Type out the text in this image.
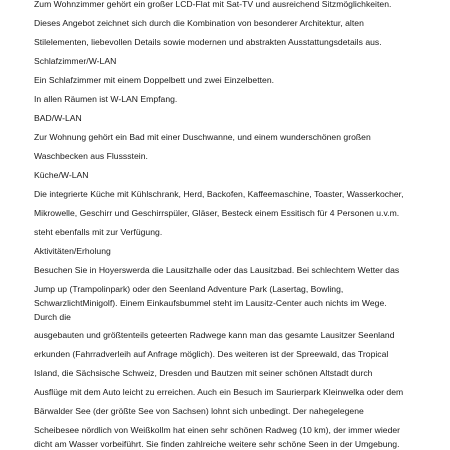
Zum Wohnzimmer gehört ein großer LCD-Flat mit Sat-TV und ausreichend Sitzmöglichkeiten.
Dieses Angebot zeichnet sich durch die Kombination von besonderer Architektur, alten
Stilelementen, liebevollen Details sowie modernen und abstrakten Ausstattungsdetails aus.
Schlafzimmer/W-LAN
Ein Schlafzimmer mit einem Doppelbett und zwei Einzelbetten.
In allen Räumen ist W-LAN Empfang.
BAD/W-LAN
Zur Wohnung gehört ein Bad mit einer Duschwanne, und einem wunderschönen großen
Waschbecken aus Flussstein.
Küche/W-LAN
Die integrierte Küche mit Kühlschrank, Herd, Backofen, Kaffeemaschine, Toaster, Wasserkocher,
Mikrowelle, Geschirr und Geschirrspüler, Gläser, Besteck einem Essitisch für 4 Personen u.v.m.
steht ebenfalls mit zur Verfügung.
Aktivitäten/Erholung
Besuchen Sie in Hoyerswerda die Lausitzhalle oder das Lausitzbad. Bei schlechtem Wetter das
Jump up (Trampolinpark) oder den Seenland Adventure Park (Lasertag, Bowling,
SchwarzlichtMinigolf). Einem Einkaufsbummel steht im Lausitz-Center auch nichts im Wege.
Durch die
ausgebauten und größtenteils geteerten Radwege kann man das gesamte Lausitzer Seenland
erkunden (Fahrradverleih auf Anfrage möglich). Des weiteren ist der Spreewald, das Tropical
Island, die Sächsische Schweiz, Dresden und Bautzen mit seiner schönen Altstadt durch
Ausflüge mit dem Auto leicht zu erreichen. Auch ein Besuch im Saurierpark Kleinwelka oder dem
Bärwalder See (der größte See von Sachsen) lohnt sich unbedingt. Der nahegelegene
Scheibesee nördlich von Weißkollm hat einen sehr schönen Radweg (10 km), der immer wieder
dicht am Wasser vorbeiführt. Sie finden zahlreiche weitere sehr schöne Seen in der Umgebung.
